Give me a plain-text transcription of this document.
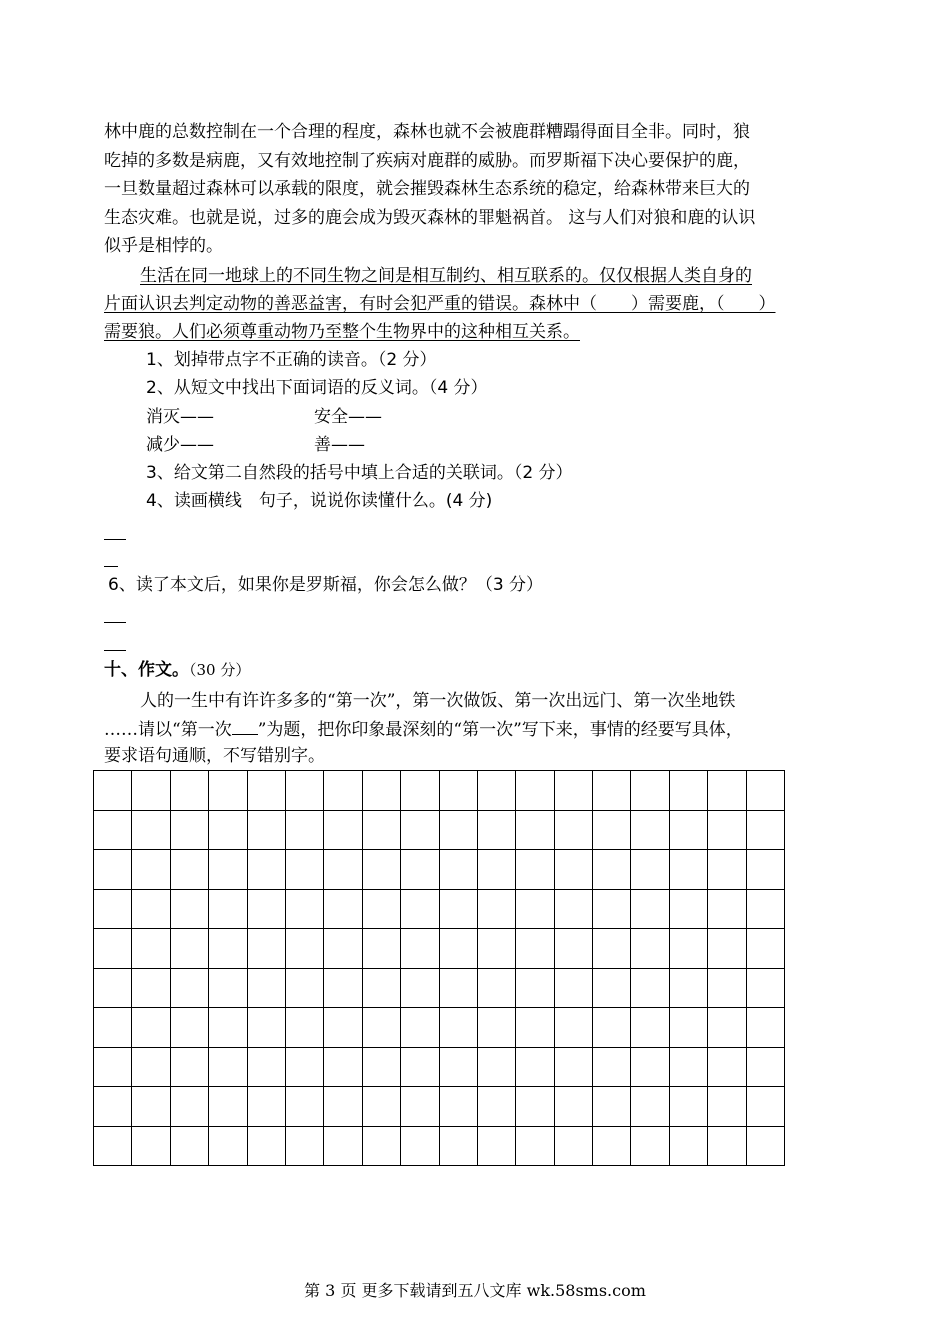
林中鹿的总数控制在一个合理的程度，森林也就不会被鹿群糟蹋得面目全非。同时，狼
吃掉的多数是病鹿，又有效地控制了疾病对鹿群的威胁。而罗斯福下决心要保护的鹿，
一旦数量超过森林可以承载的限度，就会摧毁森林生态系统的稳定，给森林带来巨大的
生态灾难。也就是说，过多的鹿会成为毁灭森林的罪魁祸首。 这与人们对狼和鹿的认识
似乎是相悖的。
生活在同一地球上的不同生物之间是相互制约、相互联系的。仅仅根据人类自身的
片面认识去判定动物的善恶益害，有时会犯严重的错误。森林中（　　）需要鹿，（　　）
需要狼。人们必须尊重动物乃至整个生物界中的这种相互关系。
1、划掉带点字不正确的读音。（2 分）
2、从短文中找出下面词语的反义词。（4 分）
消灭——	安全——
减少——	善——
3、给文第二自然段的括号中填上合适的关联词。（2 分）
4、读画横线　句子，说说你读懂什么。(4 分)
6、读了本文后，如果你是罗斯福，你会怎么做？（3 分）
十、作文。（30 分）
人的一生中有许许多多的“第一次”，第一次做饭、第一次出远门、第一次坐地铁
……请以“第一次 ”为题，把你印象最深刻的“第一次”写下来，事情的经要写具体，
要求语句通顺，不写错别字。

第 3 页 更多下载请到五八文库 wk.58sms.com
